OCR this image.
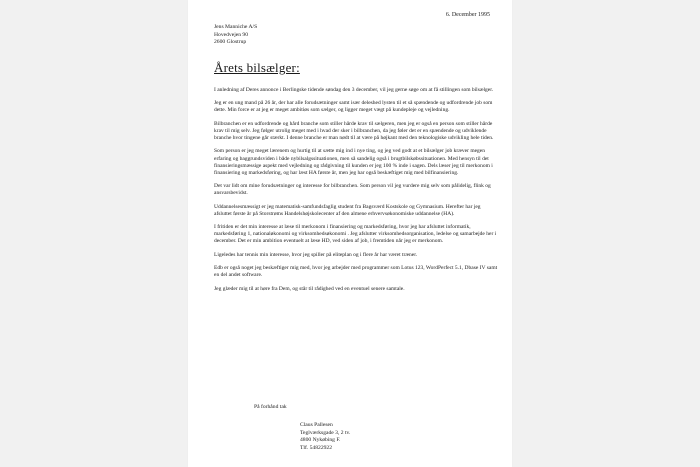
6. December 1995
Jens Manniche A/S
Hovedvejen 90
2600 Glostrup
Årets bilsælger:

I anledning af Deres annonce i Berlingske tidende søndag den 3 december, vil jeg gerne søge om at få stillingen som bilsælger.

Jeg er en ung mand på 26 år, der har alle forudsætninger samt især deleshed lysten til et så spændende og udfordrende job som dette. Min force er at jeg er meget ambitiøs som sælger, og ligger meget vægt på kundepleje og vejledning.

Bilbranchen er en udfordrende og hård branche som stiller hårde krav til sælgeren, men jeg er også en person som stiller hårde krav til mig selv. Jeg følger utrolig meget med i hvad der sker i bilbranchen, da jeg føler det er en spændende og udviklende branche hvor tingene går stærkt. I denne branche er man nødt til at være på højkant med den teknologiske udvikling hele tiden.

Som person er jeg meget lærenem og hurtig til at sætte mig ind i nye ting, og jeg ved godt at et bilsælger job kræver megen erfaring og baggrundsviden i både nybilsalgssituationen, men så sandelig også i brugtbilskøbssituationen. Med hensyn til det finansieringsmæssige aspekt med vejledning og rådgivning til kunden er jeg 100 % inde i sagen. Dels læser jeg til merkonom i finansiering og markedsføring, og har læst HA første år, men jeg har også beskæftiget mig med bilfinansiering.

Det var lidt om mine forudsætninger og interesse for bilbranchen. Som person vil jeg vurdere mig selv som pålidelig, flink og ansvarsbevidst.

Uddannelsesmæssigt er jeg matematisk-samfundsfaglig student fra Bagsværd Kostskole og Gymnasium. Herefter har jeg afsluttet første år på Storstrøms Handelshøjskolecenter af den almene erhvervsøkonomiske uddannelse (HA).

I fritiden er det min interesse at læse til merkonom i finansiering og markedsføring, hvor jeg har afsluttet informatik, markedsføring 1, nationaløkonomi og virksomhedsøkonomi . Jeg afslutter virksomhedsorganisation, ledelse og samarbejde her i december. Det er min ambition eventuelt at læse HD, ved siden af job, i fremtiden når jeg er merkonom.

Ligeledes har tennis min interesse, hvor jeg spiller på eliteplan og i flere år har været træner.

Edb er også noget jeg beskæftiger mig med, hvor jeg arbejder med programmer som Lotus 123, WordPerfect 5.1, Dbase IV samt en del andet software.

Jeg glæder mig til at høre fra Dem, og står til rådighed ved en eventuel senere samtale.

På forhånd tak
Claus Pallesen
Teglværksgade 3, 2 tv.
4800 Nykøbing F.
Tlf. 54822922
